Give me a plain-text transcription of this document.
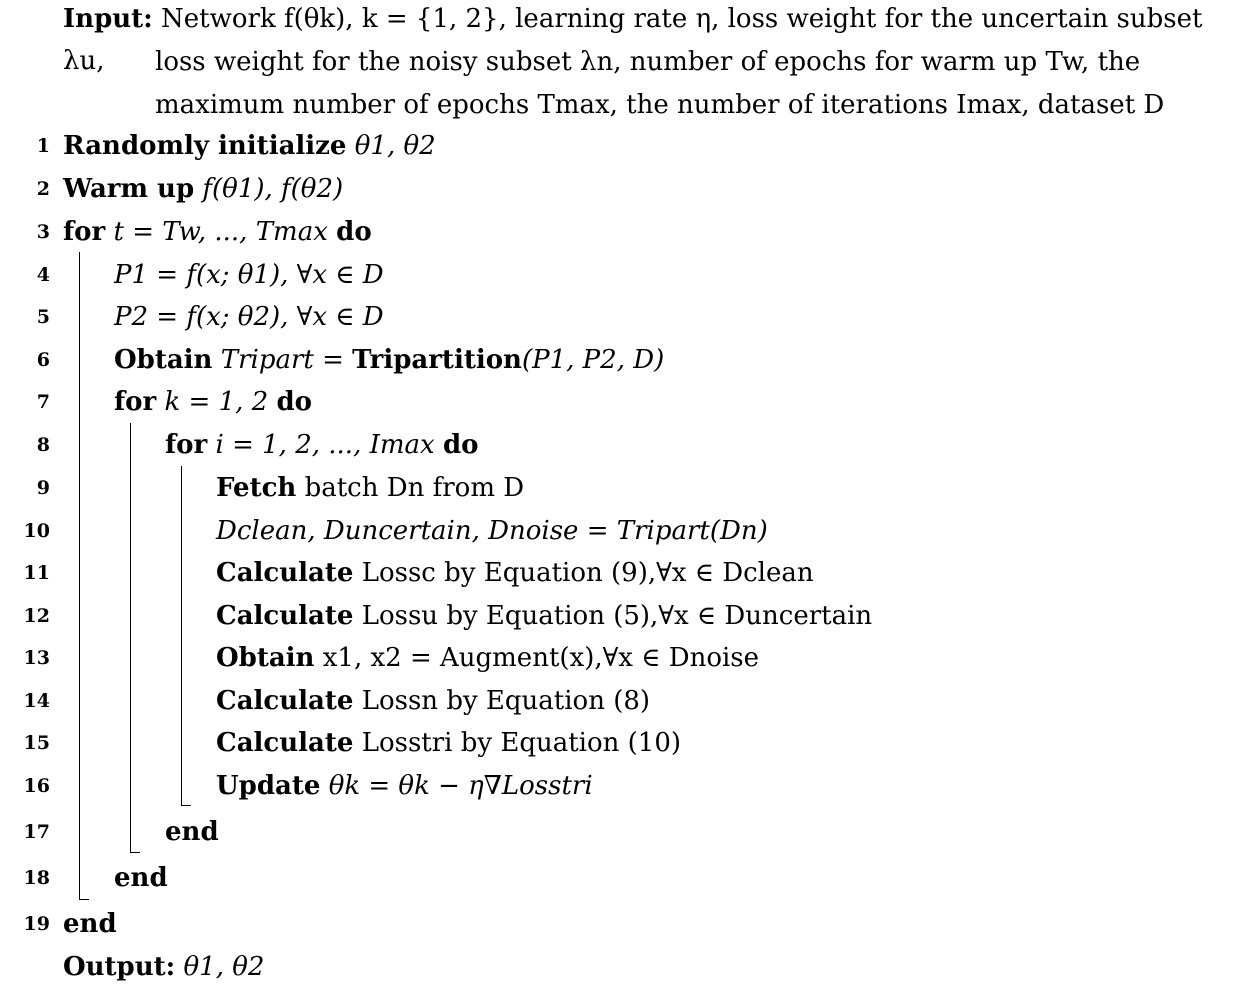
Input: Network f(θk), k = {1, 2}, learning rate η, loss weight for the uncertain subset λu,	loss weight for the noisy subset λn, number of epochs for warm up Tw, the
maximum number of epochs Tmax, the number of iterations Imax, dataset D
1 Randomly initialize θ1, θ2
2 Warm up f(θ1), f(θ2)
3 for t = Tw, ..., Tmax do
4 P1 = f(x; θ1), ∀x ∈ D
5 P2 = f(x; θ2), ∀x ∈ D
6 Obtain Tripart = Tripartition(P1, P2, D)
7 for k = 1, 2 do
8	for i = 1, 2, ..., Imax do
9	Fetch batch Dn from D
10	Dclean, Duncertain, Dnoise = Tripart(Dn)
11	Calculate Lossc by Equation (9),∀x ∈ Dclean
12	Calculate Lossu by Equation (5),∀x ∈ Duncertain
13	Obtain x1, x2 = Augment(x),∀x ∈ Dnoise
14	Calculate Lossn by Equation (8)
15	Calculate Losstri by Equation (10)
16	Update θk = θk − η∇Losstri
17	end
18 end
19 end
Output: θ1, θ2
